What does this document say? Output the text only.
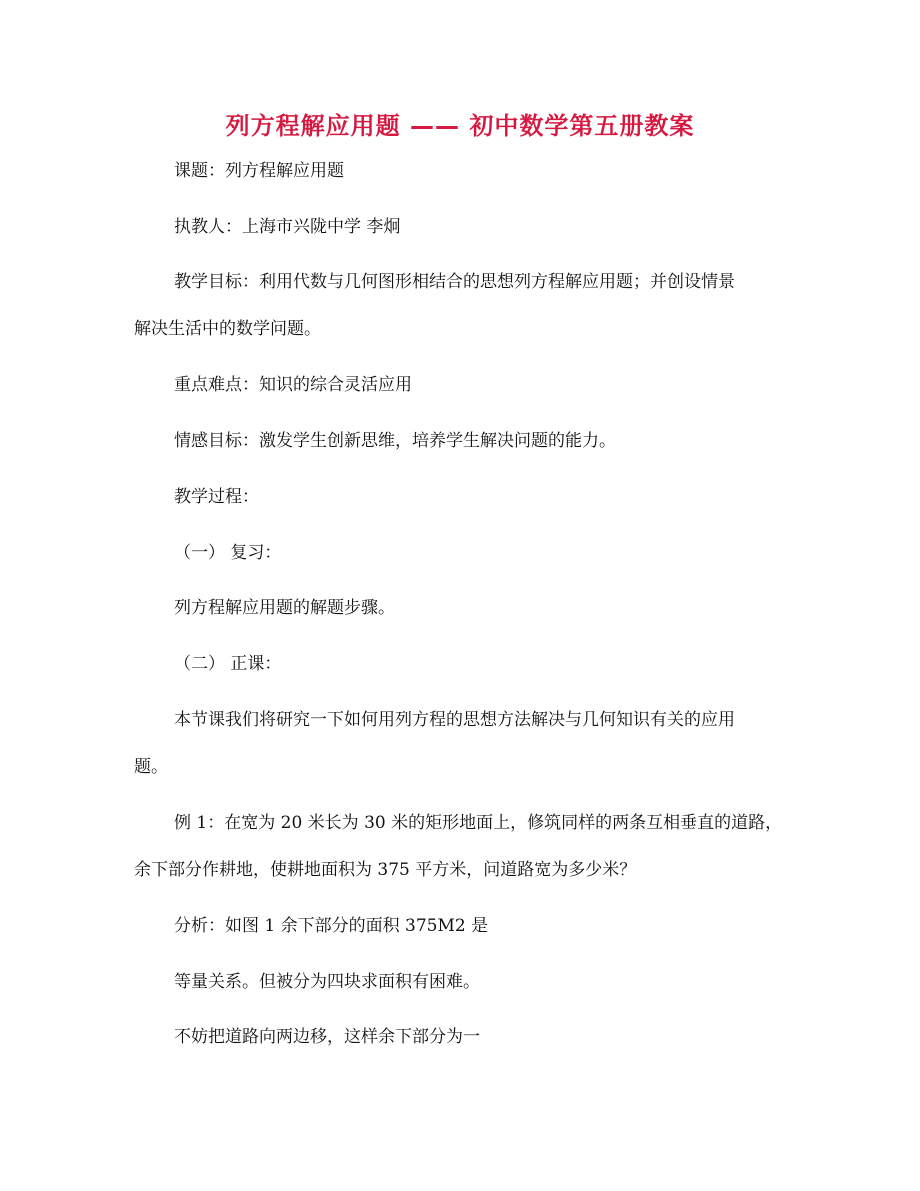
列方程解应用题 —— 初中数学第五册教案
课题：列方程解应用题
执教人：上海市兴陇中学 李炯
教学目标：利用代数与几何图形相结合的思想列方程解应用题；并创设情景
解决生活中的数学问题。
重点难点：知识的综合灵活应用
情感目标：激发学生创新思维，培养学生解决问题的能力。
教学过程：
（一） 复习：
列方程解应用题的解题步骤。
（二） 正课：
本节课我们将研究一下如何用列方程的思想方法解决与几何知识有关的应用
题。
例 1：在宽为 20 米长为 30 米的矩形地面上，修筑同样的两条互相垂直的道路，
余下部分作耕地，使耕地面积为 375 平方米，问道路宽为多少米？
分析：如图 1 余下部分的面积 375M2 是
等量关系。但被分为四块求面积有困难。
不妨把道路向两边移，这样余下部分为一
